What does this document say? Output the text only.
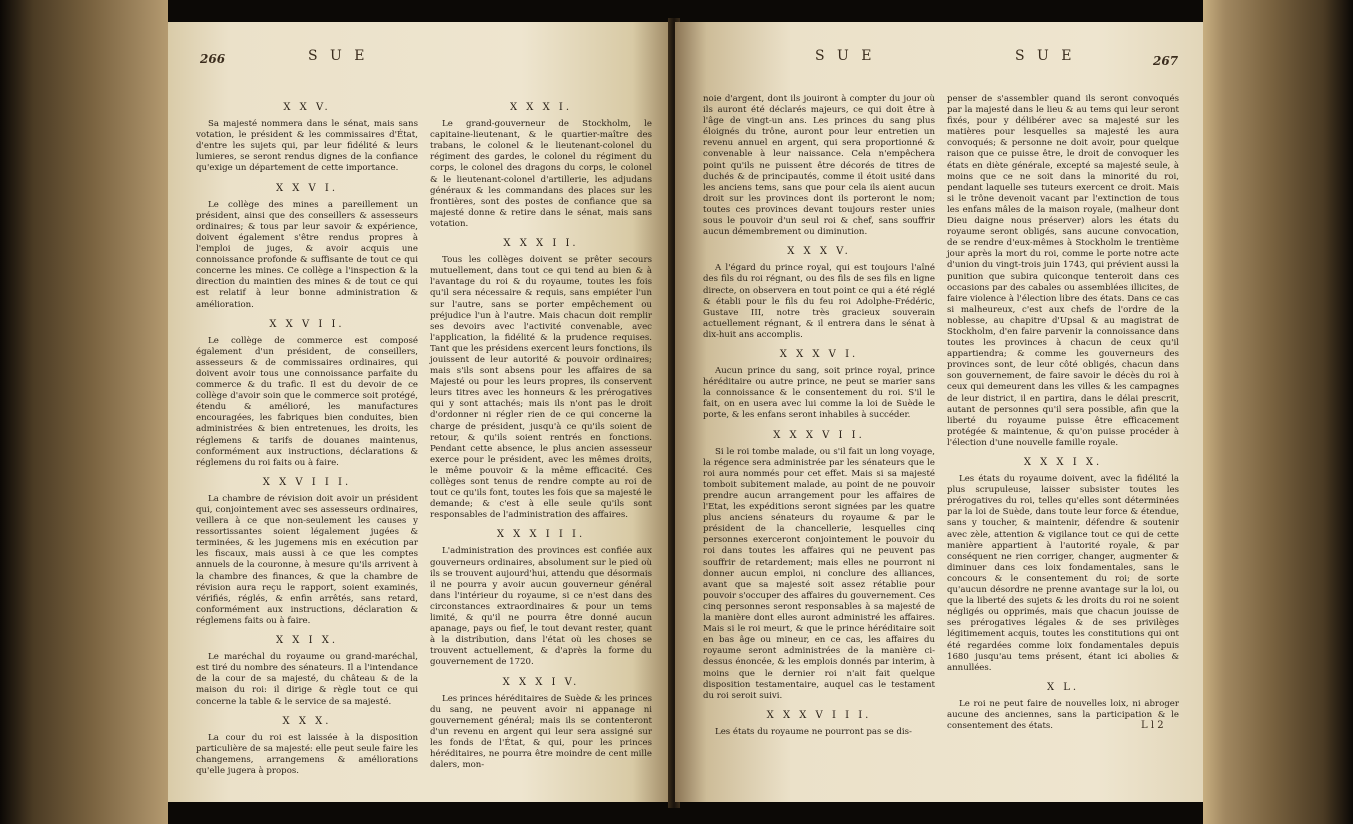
266	S U E
X X V.

Sa majesté nommera dans le sénat, mais sans votation, le président & les commissaires d'État, d'entre les sujets qui, par leur fidélité & leurs lumieres, se seront rendus dignes de la confiance qu'exige un département de cette importance.

X X V I.

Le collège des mines a pareillement un président, ainsi que des conseillers & assesseurs ordinaires; & tous par leur savoir & expérience, doivent également s'être rendus propres à l'emploi de juges, & avoir acquis une connoissance profonde & suffisante de tout ce qui concerne les mines. Ce collège a l'inspection & la direction du maintien des mines & de tout ce qui est relatif à leur bonne administration & amélioration.

X X V I I.

Le collège de commerce est composé également d'un président, de conseillers, assesseurs & de commissaires ordinaires, qui doivent avoir tous une connoissance parfaite du commerce & du trafic. Il est du devoir de ce collège d'avoir soin que le commerce soit protégé, étendu & amélioré, les manufactures encouragées, les fabriques bien conduites, bien administrées & bien entretenues, les droits, les réglemens & tarifs de douanes maintenus, conformément aux instructions, déclarations & réglemens du roi faits ou à faire.

X X V I I I.

La chambre de révision doit avoir un président qui, conjointement avec ses assesseurs ordinaires, veillera à ce que non-seulement les causes y ressortissantes soient légalement jugées & terminées, & les jugemens mis en exécution par les fiscaux, mais aussi à ce que les comptes annuels de la couronne, à mesure qu'ils arrivent à la chambre des finances, & que la chambre de révision aura reçu le rapport, soient examinés, vérifiés, réglés, & enfin arrêtés, sans retard, conformément aux instructions, déclaration & réglemens faits ou à faire.

X X I X.

Le maréchal du royaume ou grand-maréchal, est tiré du nombre des sénateurs. Il a l'intendance de la cour de sa majesté, du château & de la maison du roi: il dirige & règle tout ce qui concerne la table & le service de sa majesté.

X X X.

La cour du roi est laissée à la disposition particulière de sa majesté: elle peut seule faire les changemens, arrangemens & améliorations qu'elle jugera à propos.

X X X I.

Le grand-gouverneur de Stockholm, le capitaine-lieutenant, & le quartier-maître des trabans, le colonel & le lieutenant-colonel du régiment des gardes, le colonel du régiment du corps, le colonel des dragons du corps, le colonel & le lieutenant-colonel d'artillerie, les adjudans généraux & les commandans des places sur les frontières, sont des postes de confiance que sa majesté donne & retire dans le sénat, mais sans votation.

X X X I I.

Tous les collèges doivent se prêter secours mutuellement, dans tout ce qui tend au bien & à l'avantage du roi & du royaume, toutes les fois qu'il sera nécessaire & requis, sans empiéter l'un sur l'autre, sans se porter empêchement ou préjudice l'un à l'autre. Mais chacun doit remplir ses devoirs avec l'activité convenable, avec l'application, la fidélité & la prudence requises. Tant que les présidens exercent leurs fonctions, ils jouissent de leur autorité & pouvoir ordinaires; mais s'ils sont absens pour les affaires de sa Majesté ou pour les leurs propres, ils conservent leurs titres avec les honneurs & les prérogatives qui y sont attachés; mais ils n'ont pas le droit d'ordonner ni régler rien de ce qui concerne la charge de président, jusqu'à ce qu'ils soient de retour, & qu'ils soient rentrés en fonctions. Pendant cette absence, le plus ancien assesseur exerce pour le président, avec les mêmes droits, le même pouvoir & la même efficacité. Ces collèges sont tenus de rendre compte au roi de tout ce qu'ils font, toutes les fois que sa majesté le demande; & c'est à elle seule qu'ils sont responsables de l'administration des affaires.

X X X I I I.

L'administration des provinces est confiée aux gouverneurs ordinaires, absolument sur le pied où ils se trouvent aujourd'hui, attendu que désormais il ne pourra y avoir aucun gouverneur général dans l'intérieur du royaume, si ce n'est dans des circonstances extraordinaires & pour un tems limité, & qu'il ne pourra être donné aucun apanage, pays ou fief, le tout devant rester, quant à la distribution, dans l'état où les choses se trouvent actuellement, & d'après la forme du gouvernement de 1720.

X X X I V.

Les princes héréditaires de Suède & les princes du sang, ne peuvent avoir ni appanage ni gouvernement général; mais ils se contenteront d'un revenu en argent qui leur sera assigné sur les fonds de l'État, & qui, pour les princes héréditaires, ne pourra être moindre de cent mille dalers, mon-

S U E	S U E	267

noie d'argent, dont ils jouiront à compter du jour où ils auront été déclarés majeurs, ce qui doit être à l'âge de vingt-un ans. Les princes du sang plus éloignés du trône, auront pour leur entretien un revenu annuel en argent, qui sera proportionné & convenable à leur naissance. Cela n'empêchera point qu'ils ne puissent être décorés de titres de duchés & de principautés, comme il étoit usité dans les anciens tems, sans que pour cela ils aient aucun droit sur les provinces dont ils porteront le nom; toutes ces provinces devant toujours rester unies sous le pouvoir d'un seul roi & chef, sans souffrir aucun démembrement ou diminution.

X X X V.

A l'égard du prince royal, qui est toujours l'aîné des fils du roi régnant, ou des fils de ses fils en ligne directe, on observera en tout point ce qui a été réglé & établi pour le fils du feu roi Adolphe-Frédéric, Gustave III, notre très gracieux souverain actuellement régnant, & il entrera dans le sénat à dix-huit ans accomplis.

X X X V I.

Aucun prince du sang, soit prince royal, prince héréditaire ou autre prince, ne peut se marier sans la connoissance & le consentement du roi. S'il le fait, on en usera avec lui comme la loi de Suède le porte, & les enfans seront inhabiles à succéder.

X X X V I I.

Si le roi tombe malade, ou s'il fait un long voyage, la régence sera administrée par les sénateurs que le roi aura nommés pour cet effet. Mais si sa majesté tomboit subitement malade, au point de ne pouvoir prendre aucun arrangement pour les affaires de l'Etat, les expéditions seront signées par les quatre plus anciens sénateurs du royaume & par le président de la chancellerie, lesquelles cinq personnes exerceront conjointement le pouvoir du roi dans toutes les affaires qui ne peuvent pas souffrir de retardement; mais elles ne pourront ni donner aucun emploi, ni conclure des alliances, avant que sa majesté soit assez rétablie pour pouvoir s'occuper des affaires du gouvernement. Ces cinq personnes seront responsables à sa majesté de la manière dont elles auront administré les affaires. Mais si le roi meurt, & que le prince héréditaire soit en bas âge ou mineur, en ce cas, les affaires du royaume seront administrées de la manière ci-dessus énoncée, & les emplois donnés par interim, à moins que le dernier roi n'ait fait quelque disposition testamentaire, auquel cas le testament du roi seroit suivi.

X X X V I I I.

Les états du royaume ne pourront pas se dis-

penser de s'assembler quand ils seront convoqués par la majesté dans le lieu & au tems qui leur seront fixés, pour y délibérer avec sa majesté sur les matières pour lesquelles sa majesté les aura convoqués; & personne ne doit avoir, pour quelque raison que ce puisse être, le droit de convoquer les états en diète générale, excepté sa majesté seule, à moins que ce ne soit dans la minorité du roi, pendant laquelle ses tuteurs exercent ce droit. Mais si le trône devenoit vacant par l'extinction de tous les enfans mâles de la maison royale, (malheur dont Dieu daigne nous préserver) alors les états du royaume seront obligés, sans aucune convocation, de se rendre d'eux-mêmes à Stockholm le trentième jour après la mort du roi, comme le porte notre acte d'union du vingt-trois juin 1743, qui prévient aussi la punition que subira quiconque tenteroit dans ces occasions par des cabales ou assemblées illicites, de faire violence à l'élection libre des états. Dans ce cas si malheureux, c'est aux chefs de l'ordre de la noblesse, au chapitre d'Upsal & au magistrat de Stockholm, d'en faire parvenir la connoissance dans toutes les provinces à chacun de ceux qu'il appartiendra; & comme les gouverneurs des provinces sont, de leur côté obligés, chacun dans son gouvernement, de faire savoir le décès du roi à ceux qui demeurent dans les villes & les campagnes de leur district, il en partira, dans le délai prescrit, autant de personnes qu'il sera possible, afin que la liberté du royaume puisse être efficacement protégée & maintenue, & qu'on puisse procéder à l'élection d'une nouvelle famille royale.

X X X I X.

Les états du royaume doivent, avec la fidélité la plus scrupuleuse, laisser subsister toutes les prérogatives du roi, telles qu'elles sont déterminées par la loi de Suède, dans toute leur force & étendue, sans y toucher, & maintenir, défendre & soutenir avec zèle, attention & vigilance tout ce qui de cette manière appartient à l'autorité royale, & par conséquent ne rien corriger, changer, augmenter & diminuer dans ces loix fondamentales, sans le concours & le consentement du roi; de sorte qu'aucun désordre ne prenne avantage sur la loi, ou que la liberté des sujets & les droits du roi ne soient négligés ou opprimés, mais que chacun jouisse de ses prérogatives légales & de ses privilèges légitimement acquis, toutes les constitutions qui ont été regardées comme loix fondamentales depuis 1680 jusqu'au tems présent, étant ici abolies & annullées.

X L.

Le roi ne peut faire de nouvelles loix, ni abroger aucune des anciennes, sans la participation & le consentement des états.	L l 2
